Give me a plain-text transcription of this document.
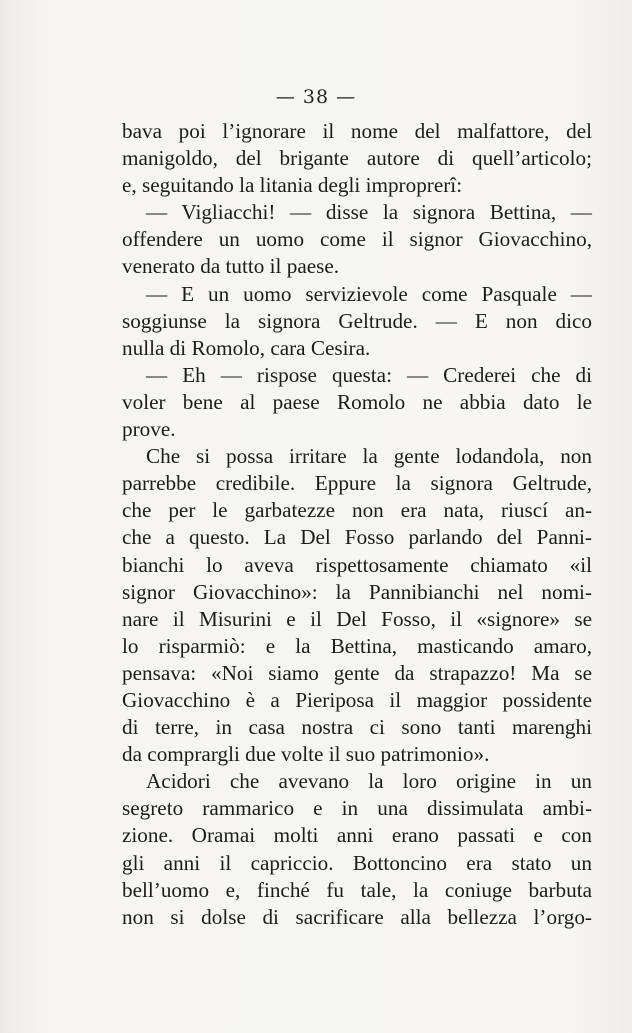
— 38 —
bava poi l’ignorare il nome del malfattore, del
manigoldo, del brigante autore di quell’articolo;
e, seguitando la litania degli improprerî:
— Vigliacchi! — disse la signora Bettina, —
offendere un uomo come il signor Giovacchino,
venerato da tutto il paese.
— E un uomo servizievole come Pasquale —
soggiunse la signora Geltrude. — E non dico
nulla di Romolo, cara Cesira.
— Eh — rispose questa: — Crederei che di
voler bene al paese Romolo ne abbia dato le
prove.
Che si possa irritare la gente lodandola, non
parrebbe credibile. Eppure la signora Geltrude,
che per le garbatezze non era nata, riuscí an-
che a questo. La Del Fosso parlando del Panni-
bianchi lo aveva rispettosamente chiamato «il
signor Giovacchino»: la Pannibianchi nel nomi-
nare il Misurini e il Del Fosso, il «signore» se
lo risparmiò: e la Bettina, masticando amaro,
pensava: «Noi siamo gente da strapazzo! Ma se
Giovacchino è a Pieriposa il maggior possidente
di terre, in casa nostra ci sono tanti marenghi
da comprargli due volte il suo patrimonio».
Acidori che avevano la loro origine in un
segreto rammarico e in una dissimulata ambi-
zione. Oramai molti anni erano passati e con
gli anni il capriccio. Bottoncino era stato un
bell’uomo e, finché fu tale, la coniuge barbuta
non si dolse di sacrificare alla bellezza l’orgo-
